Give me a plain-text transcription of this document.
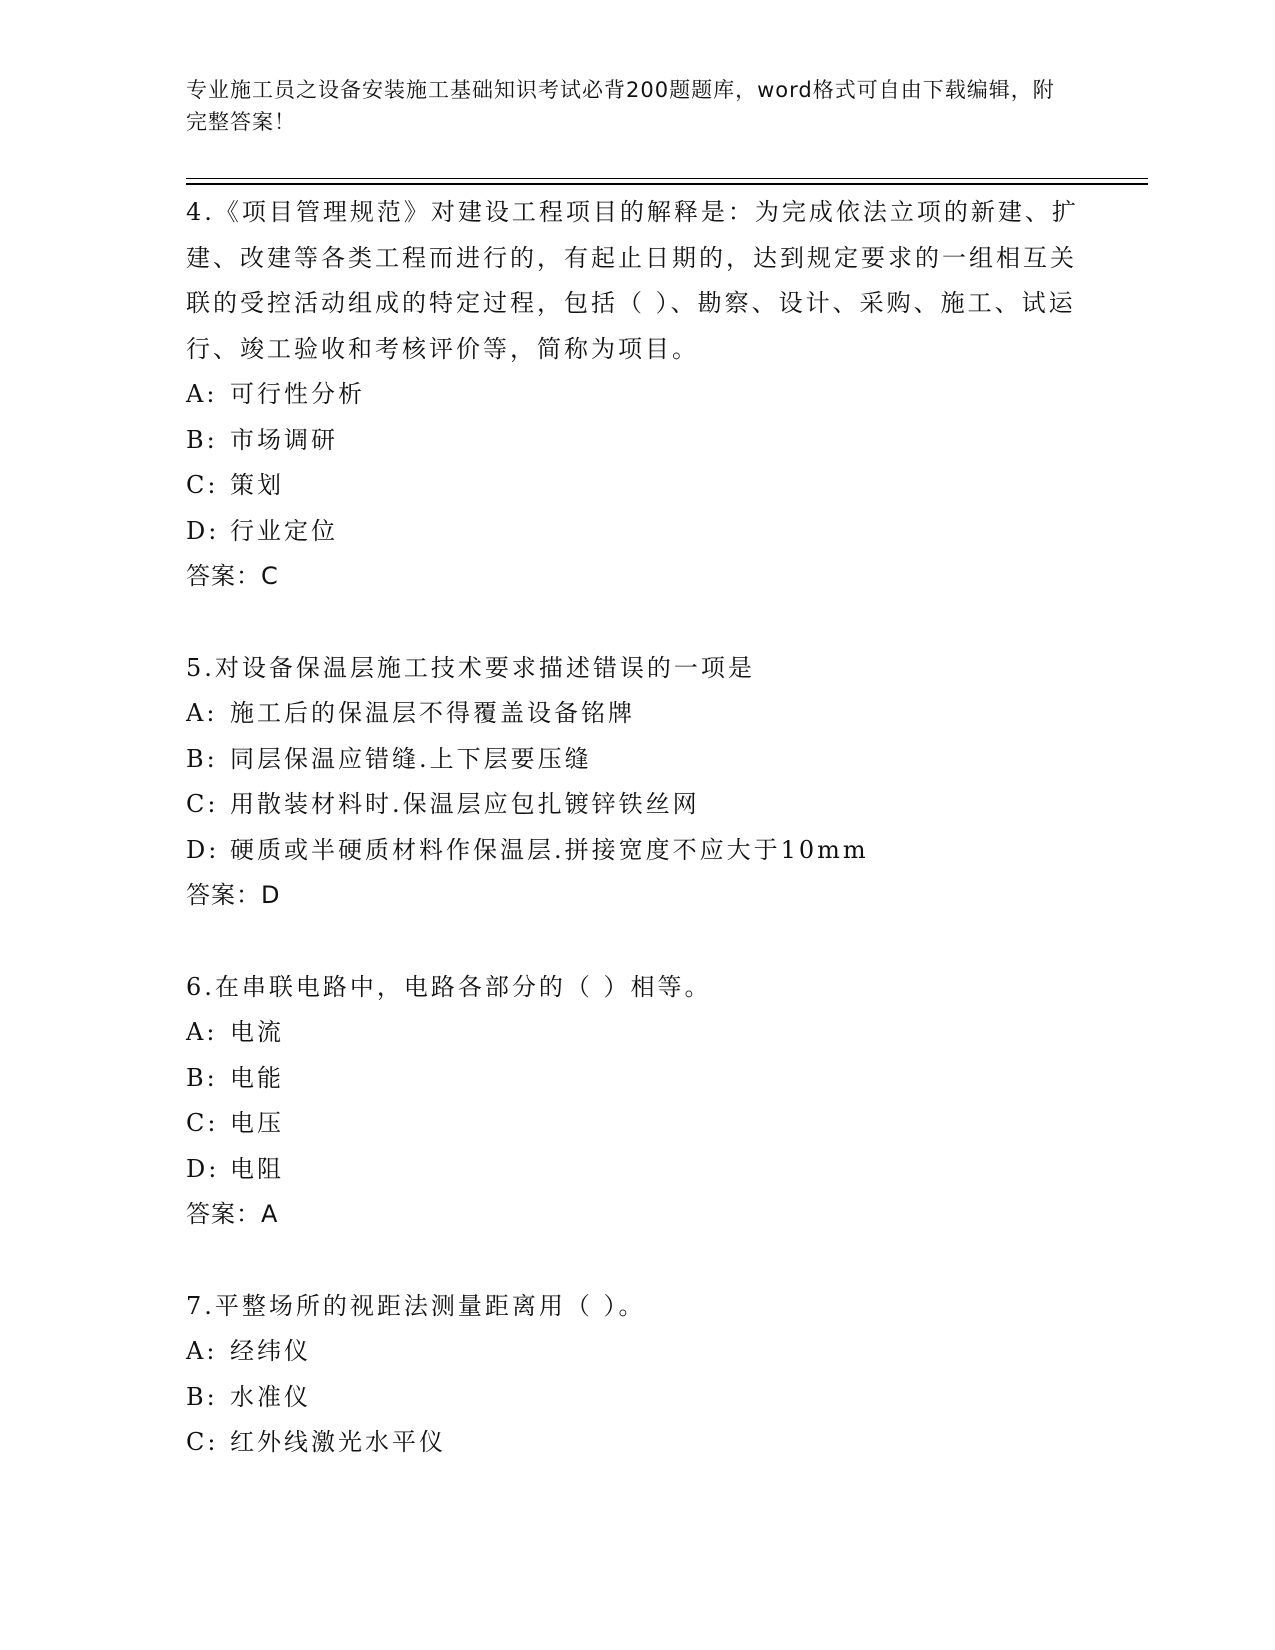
专业施工员之设备安装施工基础知识考试必背200题题库，word格式可自由下载编辑，附完整答案！
4.《项目管理规范》对建设工程项目的解释是：为完成依法立项的新建、扩建、改建等各类工程而进行的，有起止日期的，达到规定要求的一组相互关联的受控活动组成的特定过程，包括（ ）、勘察、设计、采购、施工、试运行、竣工验收和考核评价等，简称为项目。
A: 可行性分析
B: 市场调研
C: 策划
D: 行业定位
答案：C
5.对设备保温层施工技术要求描述错误的一项是
A: 施工后的保温层不得覆盖设备铭牌
B: 同层保温应错缝.上下层要压缝
C: 用散装材料时.保温层应包扎镀锌铁丝网
D: 硬质或半硬质材料作保温层.拼接宽度不应大于10mm
答案：D
6.在串联电路中，电路各部分的（ ）相等。
A: 电流
B: 电能
C: 电压
D: 电阻
答案：A
7.平整场所的视距法测量距离用（ ）。
A: 经纬仪
B: 水准仪
C: 红外线激光水平仪
